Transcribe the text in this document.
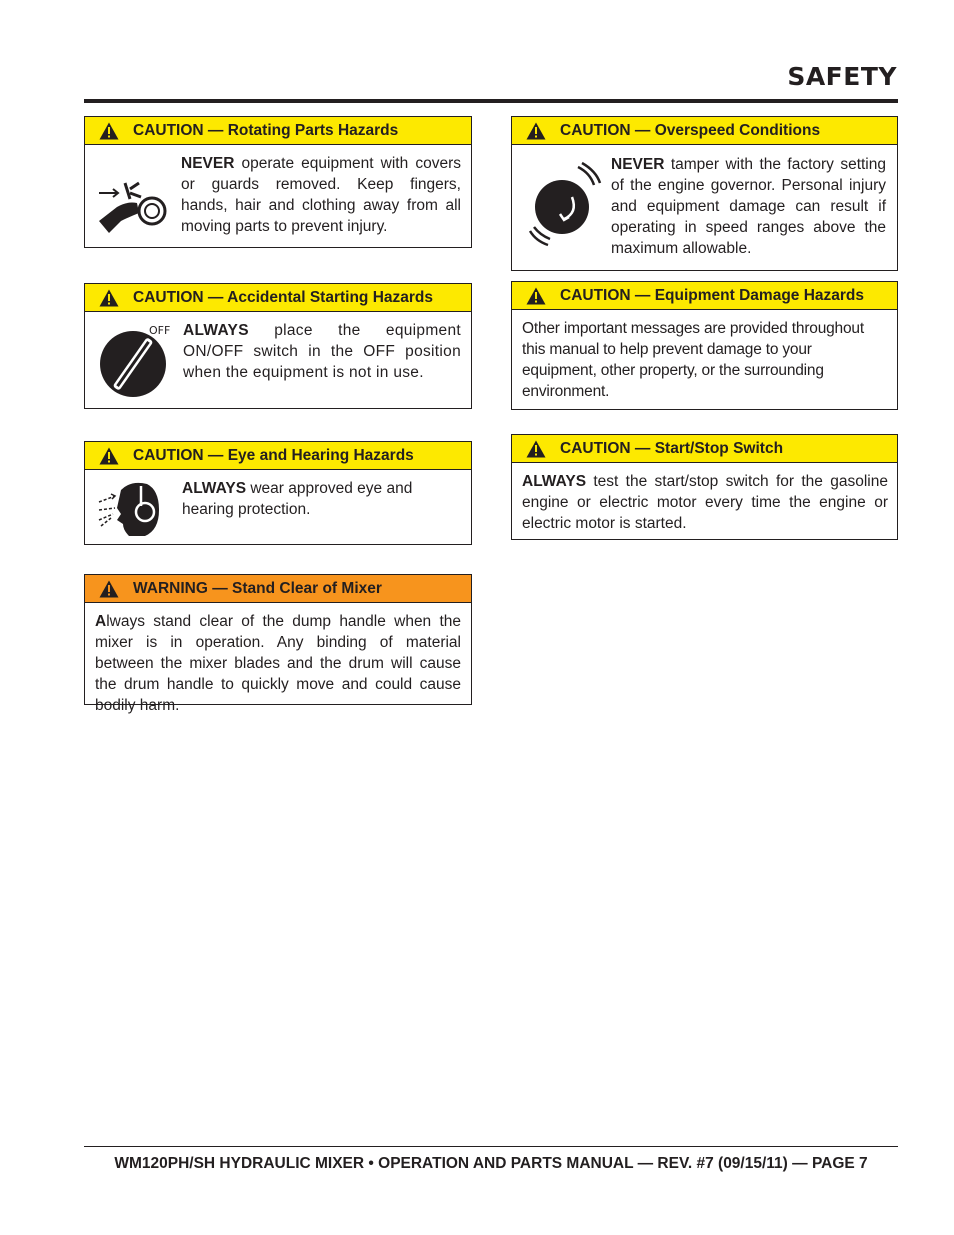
SAFETY
CAUTION — Rotating Parts Hazards
NEVER operate equipment with covers or guards removed. Keep fingers, hands, hair and clothing away from all moving parts to prevent injury.
CAUTION — Accidental Starting Hazards
OFF ALWAYS place the equipment ON/OFF switch in the OFF position when the equipment is not in use.
CAUTION — Eye and Hearing Hazards
ALWAYS wear approved eye and hearing protection.
WARNING — Stand Clear of Mixer
Always stand clear of the dump handle when the mixer is in operation. Any binding of material between the mixer blades and the drum will cause the drum handle to quickly move and could cause bodily harm.
CAUTION — Overspeed Conditions
NEVER tamper with the factory setting of the engine governor. Personal injury and equipment damage can result if operating in speed ranges above the maximum allowable.
CAUTION — Equipment Damage Hazards
Other important messages are provided throughout this manual to help prevent damage to your equipment, other property, or the surrounding environment.
CAUTION — Start/Stop Switch
ALWAYS test the start/stop switch for the gasoline engine or electric motor every time the engine or electric motor is started.
WM120PH/SH HYDRAULIC MIXER • OPERATION AND PARTS MANUAL — REV. #7 (09/15/11) — PAGE 7
